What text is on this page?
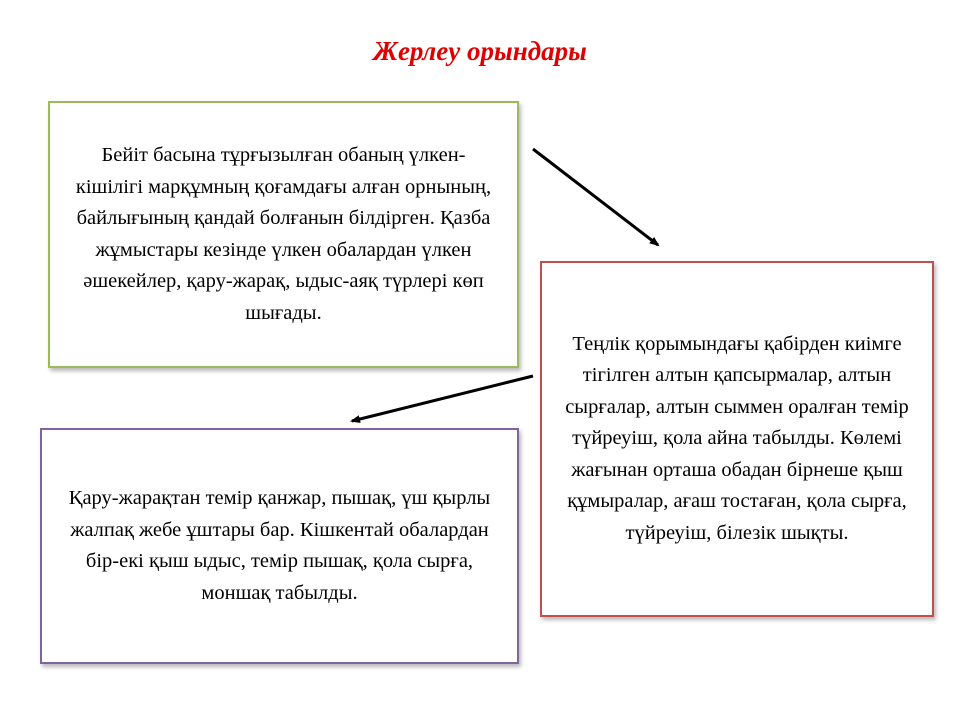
Жерлеу орындары
Бейіт басына тұрғызылған обаның үлкен-кішілігі марқұмның қоғамдағы алған орнының, байлығының қандай болғанын білдірген. Қазба жұмыстары кезінде үлкен обалардан үлкен әшекейлер, қару-жарақ, ыдыс-аяқ түрлері көп шығады.
Теңлік қорымындағы қабірден киімге тігілген алтын қапсырмалар, алтын сырғалар, алтын сыммен оралған темір түйреуіш, қола айна табылды. Көлемі жағынан орташа обадан бірнеше қыш құмыралар, ағаш тостаған, қола сырға, түйреуіш, білезік шықты.
Қару-жарақтан темір қанжар, пышақ, үш қырлы жалпақ жебе ұштары бар. Кішкентай обалардан бір-екі қыш ыдыс, темір пышақ, қола сырға, моншақ табылды.
